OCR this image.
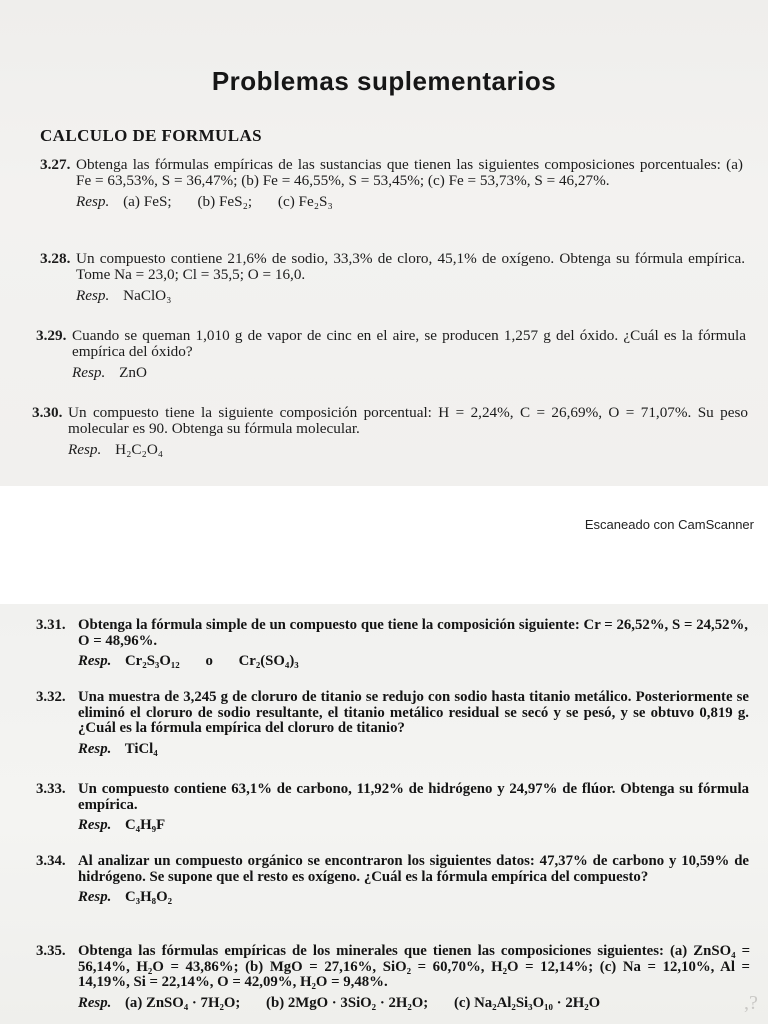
Problemas suplementarios
CALCULO DE FORMULAS
3.27. Obtenga las fórmulas empíricas de las sustancias que tienen las siguientes composiciones porcentuales: (a) Fe = 63,53%, S = 36,47%; (b) Fe = 46,55%, S = 53,45%; (c) Fe = 53,73%, S = 46,27%.
Resp. (a) FeS; (b) FeS₂; (c) Fe₂S₃
3.28. Un compuesto contiene 21,6% de sodio, 33,3% de cloro, 45,1% de oxígeno. Obtenga su fórmula empírica. Tome Na = 23,0; Cl = 35,5; O = 16,0.
Resp. NaClO₃
3.29. Cuando se queman 1,010 g de vapor de cinc en el aire, se producen 1,257 g del óxido. ¿Cuál es la fórmula empírica del óxido?
Resp. ZnO
3.30. Un compuesto tiene la siguiente composición porcentual: H = 2,24%, C = 26,69%, O = 71,07%. Su peso molecular es 90. Obtenga su fórmula molecular.
Resp. H₂C₂O₄
Escaneado con CamScanner
3.31. Obtenga la fórmula simple de un compuesto que tiene la composición siguiente: Cr = 26,52%, S = 24,52%, O = 48,96%.
Resp. Cr₂S₃O₁₂ o Cr₂(SO₄)₃
3.32. Una muestra de 3,245 g de cloruro de titanio se redujo con sodio hasta titanio metálico. Posteriormente se eliminó el cloruro de sodio resultante, el titanio metálico residual se secó y se pesó, y se obtuvo 0,819 g. ¿Cuál es la fórmula empírica del cloruro de titanio?
Resp. TiCl₄
3.33. Un compuesto contiene 63,1% de carbono, 11,92% de hidrógeno y 24,97% de flúor. Obtenga su fórmula empírica.
Resp. C₄H₉F
3.34. Al analizar un compuesto orgánico se encontraron los siguientes datos: 47,37% de carbono y 10,59% de hidrógeno. Se supone que el resto es oxígeno. ¿Cuál es la fórmula empírica del compuesto?
Resp. C₃H₈O₂
3.35. Obtenga las fórmulas empíricas de los minerales que tienen las composiciones siguientes: (a) ZnSO₄ = 56,14%, H₂O = 43,86%; (b) MgO = 27,16%, SiO₂ = 60,70%, H₂O = 12,14%; (c) Na = 12,10%, Al = 14,19%, Si = 22,14%, O = 42,09%, H₂O = 9,48%.
Resp. (a) ZnSO₄ · 7H₂O; (b) 2MgO · 3SiO₂ · 2H₂O; (c) Na₂Al₂Si₃O₁₀ · 2H₂O	,?
